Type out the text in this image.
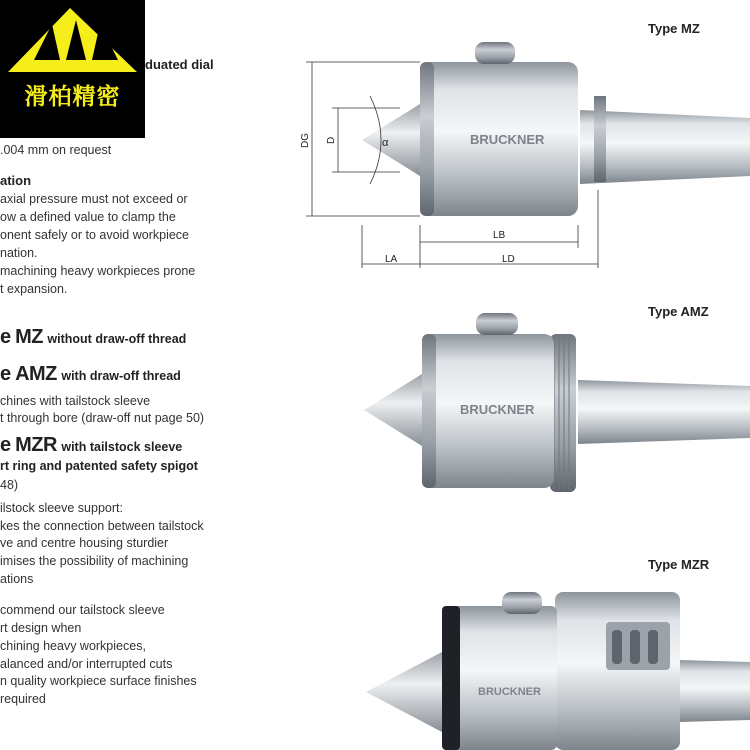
BRUCKNER
BRUCKNER
BRUCKNER
DG D	α
LB
LA	LD
滑柏精密
duated dial
.004 mm on request
ation
axial pressure must not exceed or
ow a defined value to clamp the
onent safely or to avoid workpiece
nation.
machining heavy workpieces prone
t expansion.
e MZ without draw-off thread
e AMZ with draw-off thread
chines with tailstock sleeve
t through bore (draw-off nut page 50)
e MZR with tailstock sleeve
rt ring and patented safety spigot
48)
ilstock sleeve support:
kes the connection between tailstock
ve and centre housing sturdier
imises the possibility of machining
ations
commend our tailstock sleeve
rt design when
chining heavy workpieces,
alanced and/or interrupted cuts
n quality workpiece surface finishes
required
Type MZ
Type AMZ
Type MZR
